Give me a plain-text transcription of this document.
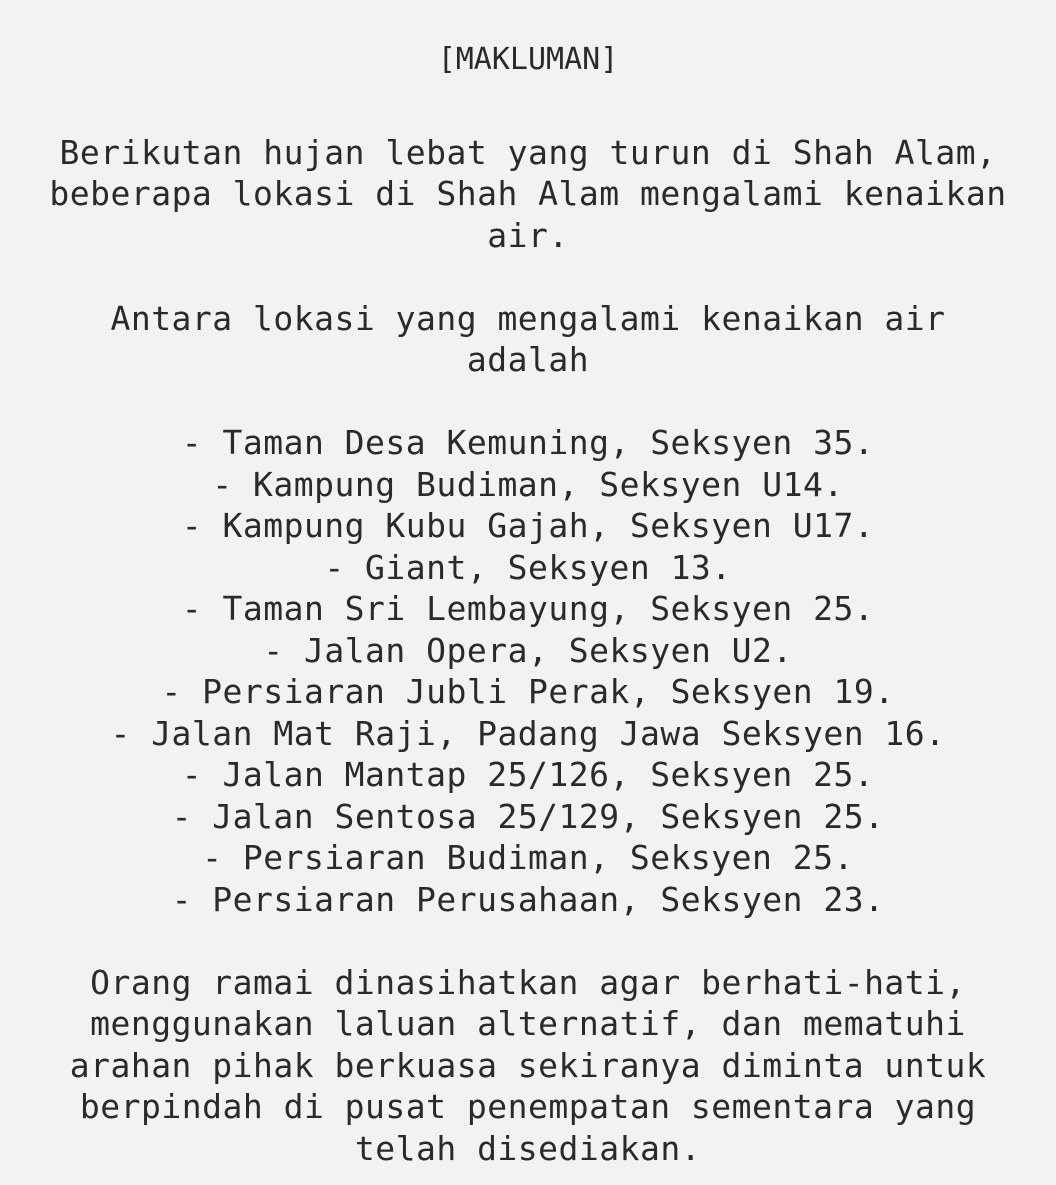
[MAKLUMAN]

Berikutan hujan lebat yang turun di Shah Alam,
beberapa lokasi di Shah Alam mengalami kenaikan
air.

Antara lokasi yang mengalami kenaikan air
adalah

- Taman Desa Kemuning, Seksyen 35.
- Kampung Budiman, Seksyen U14.
- Kampung Kubu Gajah, Seksyen U17.
- Giant, Seksyen 13.
- Taman Sri Lembayung, Seksyen 25.
- Jalan Opera, Seksyen U2.
- Persiaran Jubli Perak, Seksyen 19.
- Jalan Mat Raji, Padang Jawa Seksyen 16.
- Jalan Mantap 25/126, Seksyen 25.
- Jalan Sentosa 25/129, Seksyen 25.
- Persiaran Budiman, Seksyen 25.
- Persiaran Perusahaan, Seksyen 23.

Orang ramai dinasihatkan agar berhati-hati,
menggunakan laluan alternatif, dan mematuhi
arahan pihak berkuasa sekiranya diminta untuk
berpindah di pusat penempatan sementara yang
telah disediakan.
